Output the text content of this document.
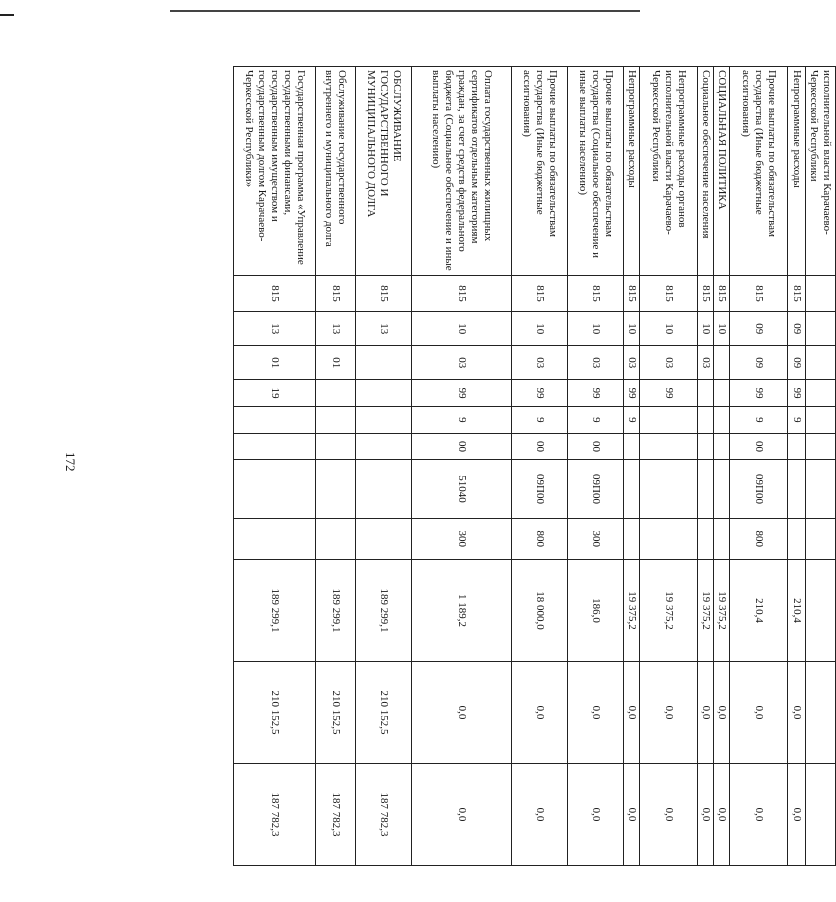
172
исполнительной власти Карачаево-Черкесской Республики											
Непрограммные расходы	815	09	09	99	9				210,4	0,0	0,0
Прочие выплаты по обязательствам государства (Иные бюджетные ассигнования)	815	09	09	99	9	00	09П00	800	210,4	0,0	0,0
СОЦИАЛЬНАЯ ПОЛИТИКА	815	10							19 375,2	0,0	0,0
Социальное обеспечение населения	815	10	03						19 375,2	0,0	0,0
Непрограммные расходы органов исполнительной власти Карачаево-Черкесской Республики	815	10	03	99					19 375,2	0,0	0,0
Непрограммные расходы	815	10	03	99	9				19 375,2	0,0	0,0
Прочие выплаты по обязательствам государства (Социальное обеспечение и иные выплаты населению)	815	10	03	99	9	00	09П00	300	186,0	0,0	0,0
Прочие выплаты по обязательствам государства (Иные бюджетные ассигнования)	815	10	03	99	9	00	09П00	800	18 000,0	0,0	0,0
Оплата государственных жилищных сертификатов отдельным категориям граждан, за счет средств федерального бюджета (Социальное обеспечение и иные выплаты населению)	815	10	03	99	9	00	51040	300	1 189,2	0,0	0,0
ОБСЛУЖИВАНИЕ ГОСУДАРСТВЕННОГО И МУНИЦИПАЛЬНОГО ДОЛГА	815	13							189 299,1	210 152,5	187 782,3
Обслуживание государственного внутреннего и муниципального долга	815	13	01						189 299,1	210 152,5	187 782,3
Государственная программа «Управление государственными финансами, государственным имуществом и государственным долгом Карачаево-Черкесской Республики»	815	13	01	19					189 299,1	210 152,5	187 782,3
